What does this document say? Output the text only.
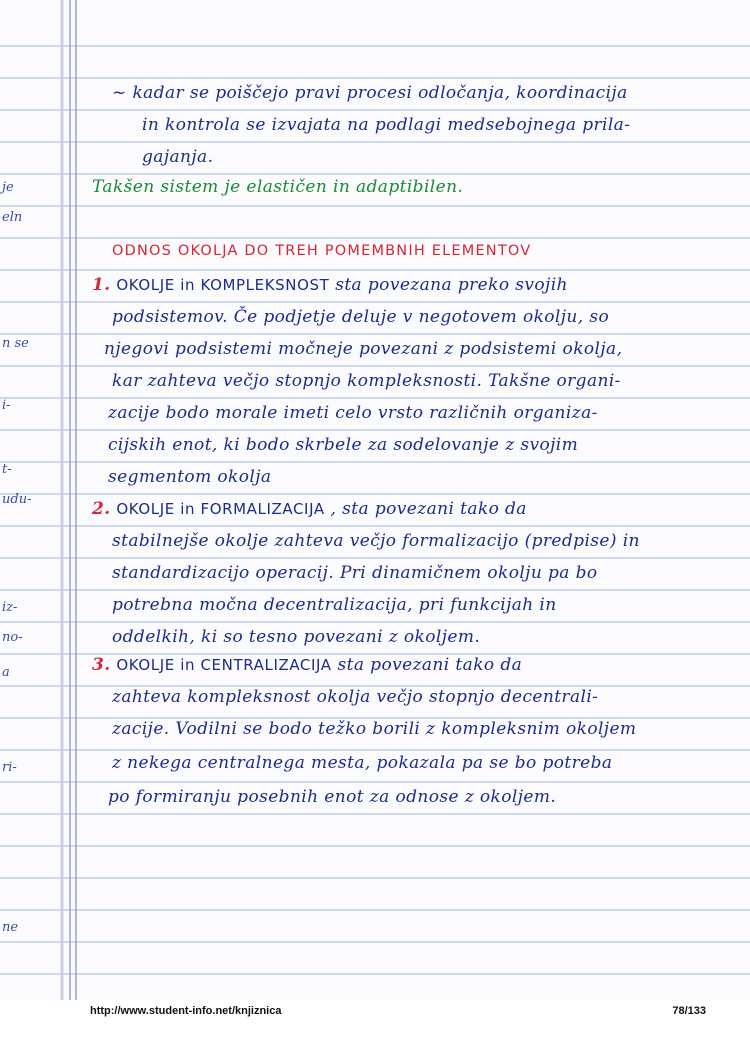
je
eln
n se
i-
t-
udu-
iz-
no-
a
ri-
ne
~ kadar se poiščejo pravi procesi odločanja, koordinacija
in kontrola se izvajata na podlagi medsebojnega prila-
gajanja.
Takšen sistem je elastičen in adaptibilen.
ODNOS OKOLJA DO TREH POMEMBNIH ELEMENTOV
1. OKOLJE in KOMPLEKSNOST sta povezana preko svojih
podsistemov. Če podjetje deluje v negotovem okolju, so
njegovi podsistemi močneje povezani z podsistemi okolja,
kar zahteva večjo stopnjo kompleksnosti. Takšne organi-
zacije bodo morale imeti celo vrsto različnih organiza-
cijskih enot, ki bodo skrbele za sodelovanje z svojim
segmentom okolja
2. OKOLJE in FORMALIZACIJA , sta povezani tako da
stabilnejše okolje zahteva večjo formalizacijo (predpise) in
standardizacijo operacij. Pri dinamičnem okolju pa bo
potrebna močna decentralizacija, pri funkcijah in
oddelkih, ki so tesno povezani z okoljem.
3. OKOLJE in CENTRALIZACIJA sta povezani tako da
zahteva kompleksnost okolja večjo stopnjo decentrali-
zacije. Vodilni se bodo težko borili z kompleksnim okoljem
z nekega centralnega mesta, pokazala pa se bo potreba
po formiranju posebnih enot za odnose z okoljem.
http://www.student-info.net/knjiznica	78/133
